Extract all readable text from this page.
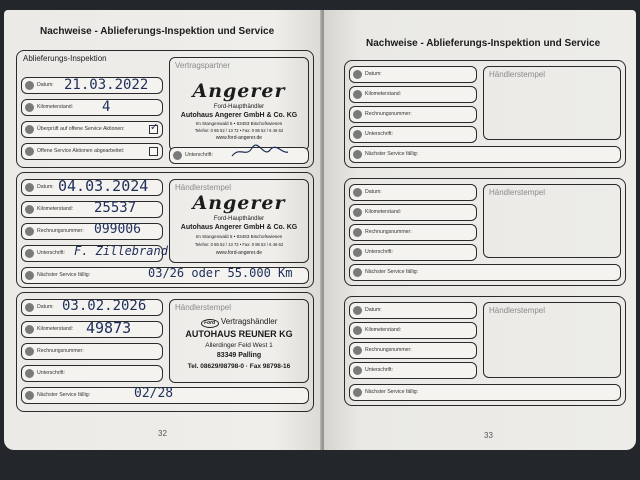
Nachweise - Ablieferungs-Inspektion und Service
Ablieferungs-Inspektion
Datum: 21.03.2022
Kilometerstand: 4
Überprüft auf offene Service Aktionen:	✓
Offene Service Aktionen abgearbeitet:
Vertragspartner
Angerer
Ford-Haupthändler
Autohaus Angerer GmbH & Co. KG
Im Stangenwald 5 • 83483 Bischofswiesen
Telefon: 0 86 52 / 13 72 • Fax: 0 86 52 / 6 46 62
www.ford-angerer.de
Unterschrift:
Datum: 04.03.2024
Kilometerstand: 25537
Rechnungsnummer: 099006
Unterschrift: F. Zillebrand
Nächster Service fällig:	03/26 oder 55.000 Km
Händlerstempel
Angerer
Ford-Haupthändler
Autohaus Angerer GmbH & Co. KG
Im Stangenwald 5 • 83483 Bischofswiesen
Telefon: 0 86 52 / 13 72 • Fax: 0 86 52 / 6 46 62
www.ford-angerer.de
Datum: 03.02.2026
Kilometerstand: 49873
Rechnungsnummer:
Unterschrift:
Nächster Service fällig:	02/28
Händlerstempel
Ford Vertragshändler
AUTOHAUS REUNER KG
Allerdinger Feld West 1
83349 Palling
Tel. 08629/98798-0 · Fax 98798-16
32
Nachweise - Ablieferungs-Inspektion und Service
Datum:
Kilometerstand:
Rechnungsnummer:
Unterschrift:
Nächster Service fällig:
Händlerstempel
Datum:
Kilometerstand:
Rechnungsnummer:
Unterschrift:
Nächster Service fällig:
Händlerstempel
Datum:
Kilometerstand:
Rechnungsnummer:
Unterschrift:
Nächster Service fällig:
Händlerstempel
33
